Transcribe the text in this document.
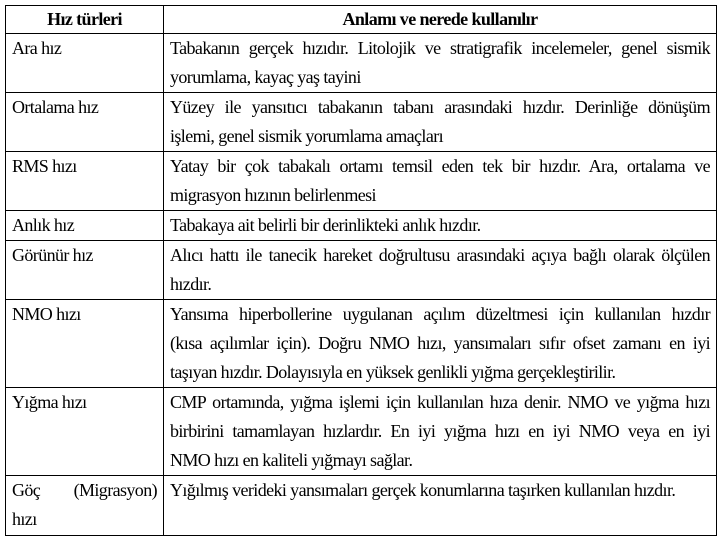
Hız türleri	Anlamı ve nerede kullanılır

Ara hız	Tabakanın gerçek hızıdır. Litolojik ve stratigrafik incelemeler, genel sismik
yorumlama, kayaç yaş tayini

Ortalama hız	Yüzey ile yansıtıcı tabakanın tabanı arasındaki hızdır. Derinliğe dönüşüm
işlemi, genel sismik yorumlama amaçları

RMS hızı	Yatay bir çok tabakalı ortamı temsil eden tek bir hızdır. Ara, ortalama ve
migrasyon hızının belirlenmesi

Anlık hız	Tabakaya ait belirli bir derinlikteki anlık hızdır.

Görünür hız	Alıcı hattı ile tanecik hareket doğrultusu arasındaki açıya bağlı olarak ölçülen
hızdır.

NMO hızı	Yansıma hiperbollerine uygulanan açılım düzeltmesi için kullanılan hızdır
(kısa açılımlar için). Doğru NMO hızı, yansımaları sıfır ofset zamanı en iyi
taşıyan hızdır. Dolayısıyla en yüksek genlikli yığma gerçekleştirilir.

Yığma hızı	CMP ortamında, yığma işlemi için kullanılan hıza denir. NMO ve yığma hızı
birbirini tamamlayan hızlardır. En iyi yığma hızı en iyi NMO veya en iyi
NMO hızı en kaliteli yığmayı sağlar.

Göç (Migrasyon)
hızı	Yığılmış verideki yansımaları gerçek konumlarına taşırken kullanılan hızdır.
